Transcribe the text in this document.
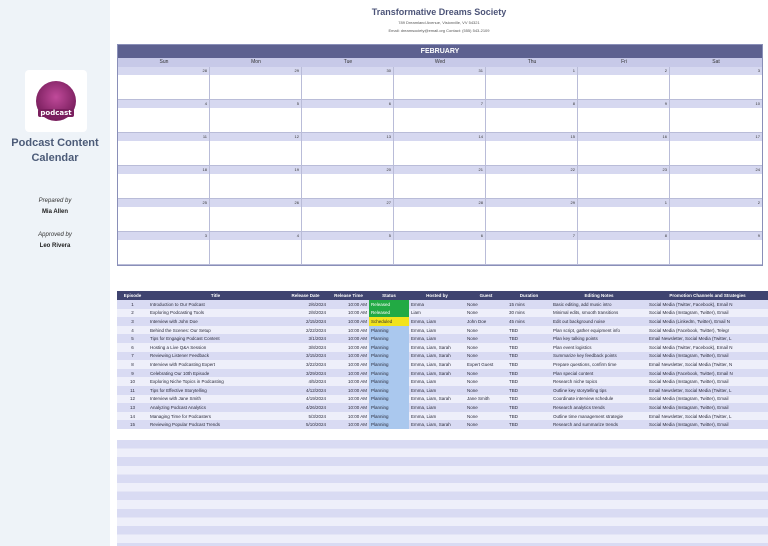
podcast
Podcast Content
Calendar
Prepared by
Mia Allen
Approved by
Leo Rivera
Transformative Dreams Society
789 Dreamland Avenue, Visionville, VV 54321
Email: dreamsociety@email.org Contact: (555) 543-2109
FEBRUARY
Sun	Mon	Tue	Wed	Thu	Fri	Sat
28	29	30	31	1	2	3
4	5	6	7	8	9	10
11	12	13	14	15	16	17
18	19	20	21	22	23	24
25	26	27	28	29	1	2
3	4	5	6	7	8	9
Episode	Title	Release Date	Release Time	Status	Hosted by	Guest	Duration	Editing Notes	Promotion Channels and Strategies
1	Introduction to Our Podcast	2/6/2024	10:00 AM	Released	Emma	None	15 mins	Basic editing, add music intro	Social Media (Twitter, Facebook), Email N
2	Exploring Podcasting Tools	2/8/2024	10:00 AM	Released	Liam	None	30 mins	Minimal edits, smooth transitions	Social Media (Instagram, Twitter), Email
3	Interview with John Doe	2/15/2024	10:00 AM	Scheduled	Emma, Liam	John Doe	45 mins	Edit out background noise	Social Media (LinkedIn, Twitter), Email N
4	Behind the Scenes: Our Setup	2/22/2024	10:00 AM	Planning	Emma, Liam	None	TBD	Plan script, gather equipment info	Social Media (Facebook, Twitter), Telegr
5	Tips for Engaging Podcast Content	3/1/2024	10:00 AM	Planning	Emma, Liam	None	TBD	Plan key talking points	Email Newsletter, Social Media (Twitter, L
6	Hosting a Live Q&A Session	3/8/2024	10:00 AM	Planning	Emma, Liam, Sarah	None	TBD	Plan event logistics	Social Media (Twitter, Facebook), Email N
7	Reviewing Listener Feedback	3/15/2024	10:00 AM	Planning	Emma, Liam, Sarah	None	TBD	Summarize key feedback points	Social Media (Instagram, Twitter), Email
8	Interview with Podcasting Expert	3/22/2024	10:00 AM	Planning	Emma, Liam, Sarah	Expert Guest	TBD	Prepare questions, confirm time	Email Newsletter, Social Media (Twitter, N
9	Celebrating Our 10th Episode	3/29/2024	10:00 AM	Planning	Emma, Liam, Sarah	None	TBD	Plan special content	Social Media (Facebook, Twitter), Email N
10	Exploring Niche Topics in Podcasting	4/5/2024	10:00 AM	Planning	Emma, Liam	None	TBD	Research niche topics	Social Media (Instagram, Twitter), Email
11	Tips for Effective Storytelling	4/12/2024	10:00 AM	Planning	Emma, Liam	None	TBD	Outline key storytelling tips	Email Newsletter, Social Media (Twitter, L
12	Interview with Jane Smith	4/19/2024	10:00 AM	Planning	Emma, Liam, Sarah	Jane Smith	TBD	Coordinate interview schedule	Social Media (Instagram, Twitter), Email
13	Analyzing Podcast Analytics	4/26/2024	10:00 AM	Planning	Emma, Liam	None	TBD	Research analytics trends	Social Media (Instagram, Twitter), Email
14	Managing Time for Podcasters	5/3/2024	10:00 AM	Planning	Emma, Liam	None	TBD	Outline time management strategie	Email Newsletter, Social Media (Twitter, L
15	Reviewing Popular Podcast Trends	5/10/2024	10:00 AM	Planning	Emma, Liam, Sarah	None	TBD	Research and summarize trends	Social Media (Instagram, Twitter), Email
